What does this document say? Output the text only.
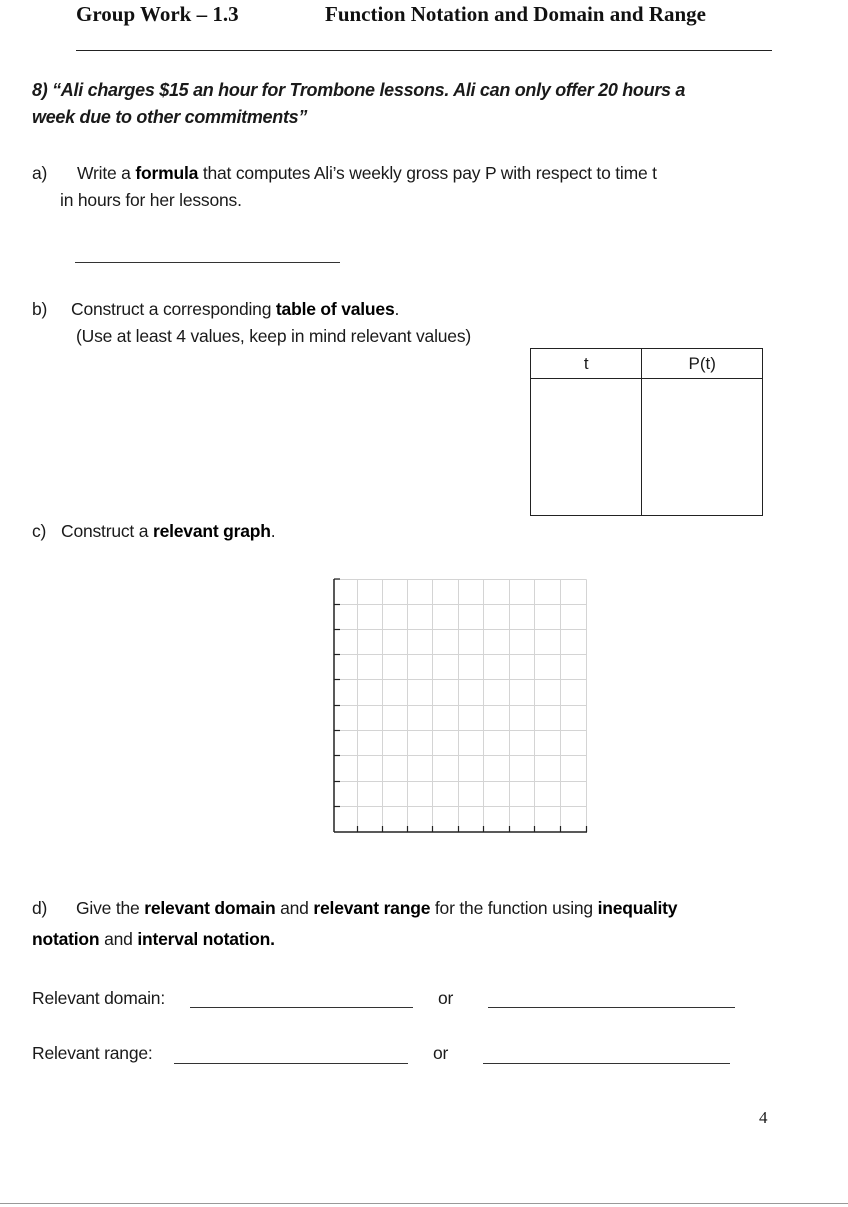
Group Work – 1.3	Function Notation and Domain and Range
8) “Ali charges $15 an hour for Trombone lessons. Ali can only offer 20 hours a
week due to other commitments”
a) Write a formula that computes Ali’s weekly gross pay P with respect to time t
in hours for her lessons.
b) Construct a corresponding table of values.
(Use at least 4 values, keep in mind relevant values)
t	P(t)

c) Construct a relevant graph.
d) Give the relevant domain and relevant range for the function using inequality
notation and interval notation.
Relevant domain:	or
Relevant range:	or
4
